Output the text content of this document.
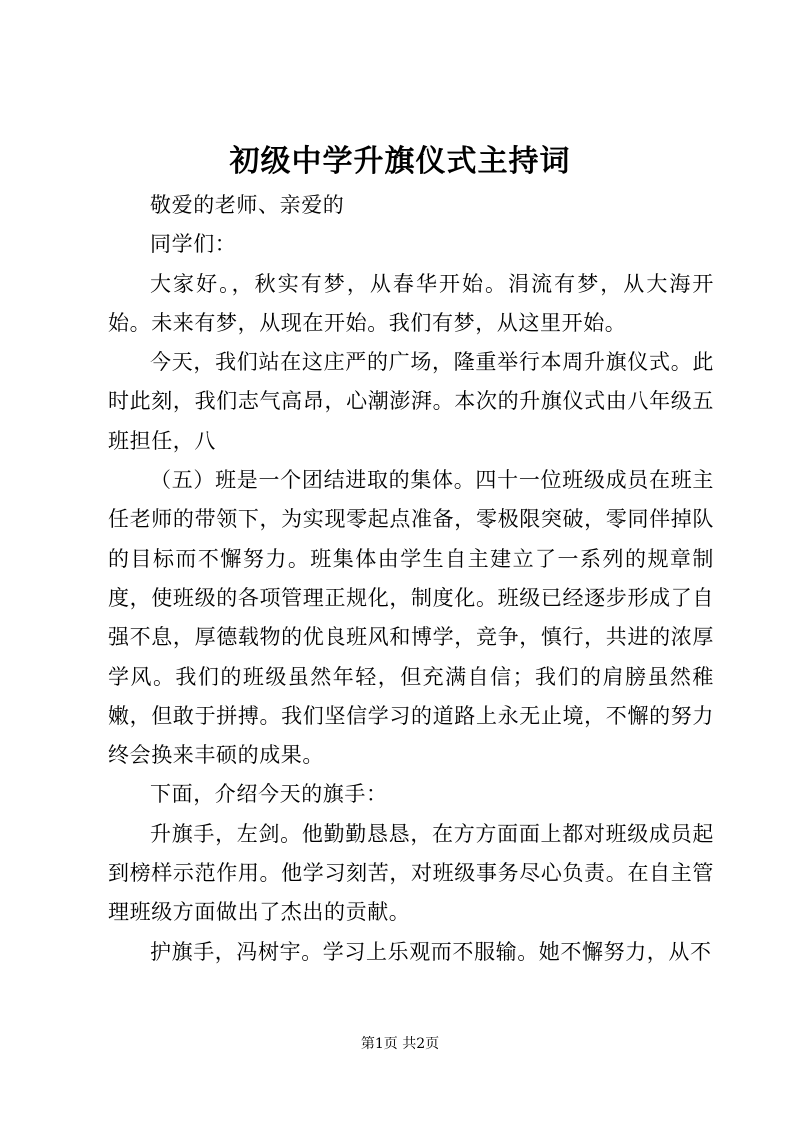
初级中学升旗仪式主持词

敬爱的老师、亲爱的

同学们：

大家好。，秋实有梦，从春华开始。涓流有梦，从大海开始。未来有梦，从现在开始。我们有梦，从这里开始。

今天，我们站在这庄严的广场，隆重举行本周升旗仪式。此时此刻，我们志气高昂，心潮澎湃。本次的升旗仪式由八年级五班担任，八

（五）班是一个团结进取的集体。四十一位班级成员在班主任老师的带领下，为实现零起点准备，零极限突破，零同伴掉队的目标而不懈努力。班集体由学生自主建立了一系列的规章制度，使班级的各项管理正规化，制度化。班级已经逐步形成了自强不息，厚德载物的优良班风和博学，竞争，慎行，共进的浓厚学风。我们的班级虽然年轻，但充满自信；我们的肩膀虽然稚嫩，但敢于拼搏。我们坚信学习的道路上永无止境，不懈的努力终会换来丰硕的成果。

下面，介绍今天的旗手：

升旗手，左剑。他勤勤恳恳，在方方面面上都对班级成员起到榜样示范作用。他学习刻苦，对班级事务尽心负责。在自主管理班级方面做出了杰出的贡献。

护旗手，冯树宇。学习上乐观而不服输。她不懈努力，从不

第1页 共2页
